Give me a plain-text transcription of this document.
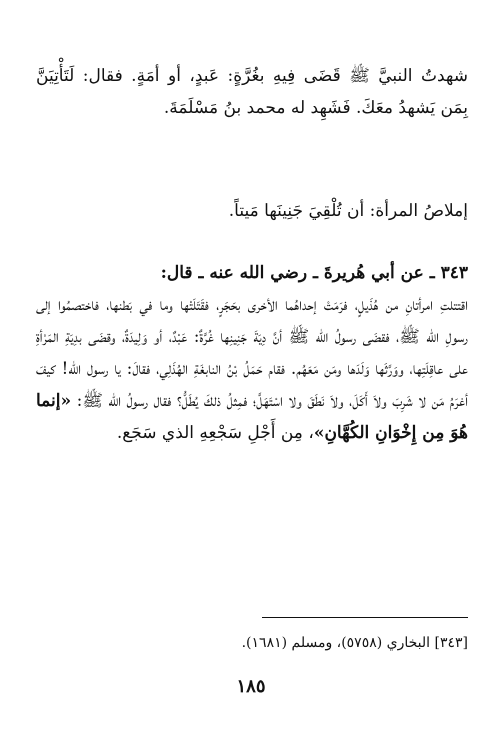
شهدتُ النبيَّ ﷺ قَضَى فِيهِ بغُرَّةٍ: عَبدٍ، أو أمَةٍ. فقال: لَتَأْتِيَنَّ بِمَن يَشهدُ معَكَ. فَشَهِد له محمد بنُ مَسْلَمَةَ.

إملاصُ المرأة: أن تُلْقِيَ جَنِينَها مَيتاً.

٣٤٣ ـ عن أبي هُريرةَ ـ رضي الله عنه ـ قال:

اقتتلتِ امرأتانِ من هُذَيلٍ، فرَمَتْ إحداهُما الأخرى بحَجَرٍ، فقَتَلَتْها وما في بَطنها، فاختصمُوا إلى رسولِ الله ﷺ، فقضَى رسولُ الله ﷺ أنَّ دِيَةَ جَنِينِها غُرَّةٌ: عَبْدٌ، أو وَلِيدَةٌ، وقضَى بدِيَةِ المَرْأةِ على عاقِلَتِها، ووَرَّثَها وَلَدَها ومَن مَعَهُم. فقام حَمَلُ بْنُ النابغَةِ الهُذَلِي، فقالَ: يا رسول الله! كيفَ أغرَمُ مَن لا شَرِبَ ولاَ أَكَلَ، ولاَ نَطَقَ ولا اسْتَهَلَّ؛ فمِثلُ ذلكَ يُطَلُّ؟ فقال رسولُ الله ﷺ: «إنما هُوَ مِن إِخْوَانِ الكُهَّانِ»، مِن أَجْلِ سَجْعِهِ الذي سَجَع.

[٣٤٣] البخاري (٥٧٥٨)، ومسلم (١٦٨١).
١٨٥
